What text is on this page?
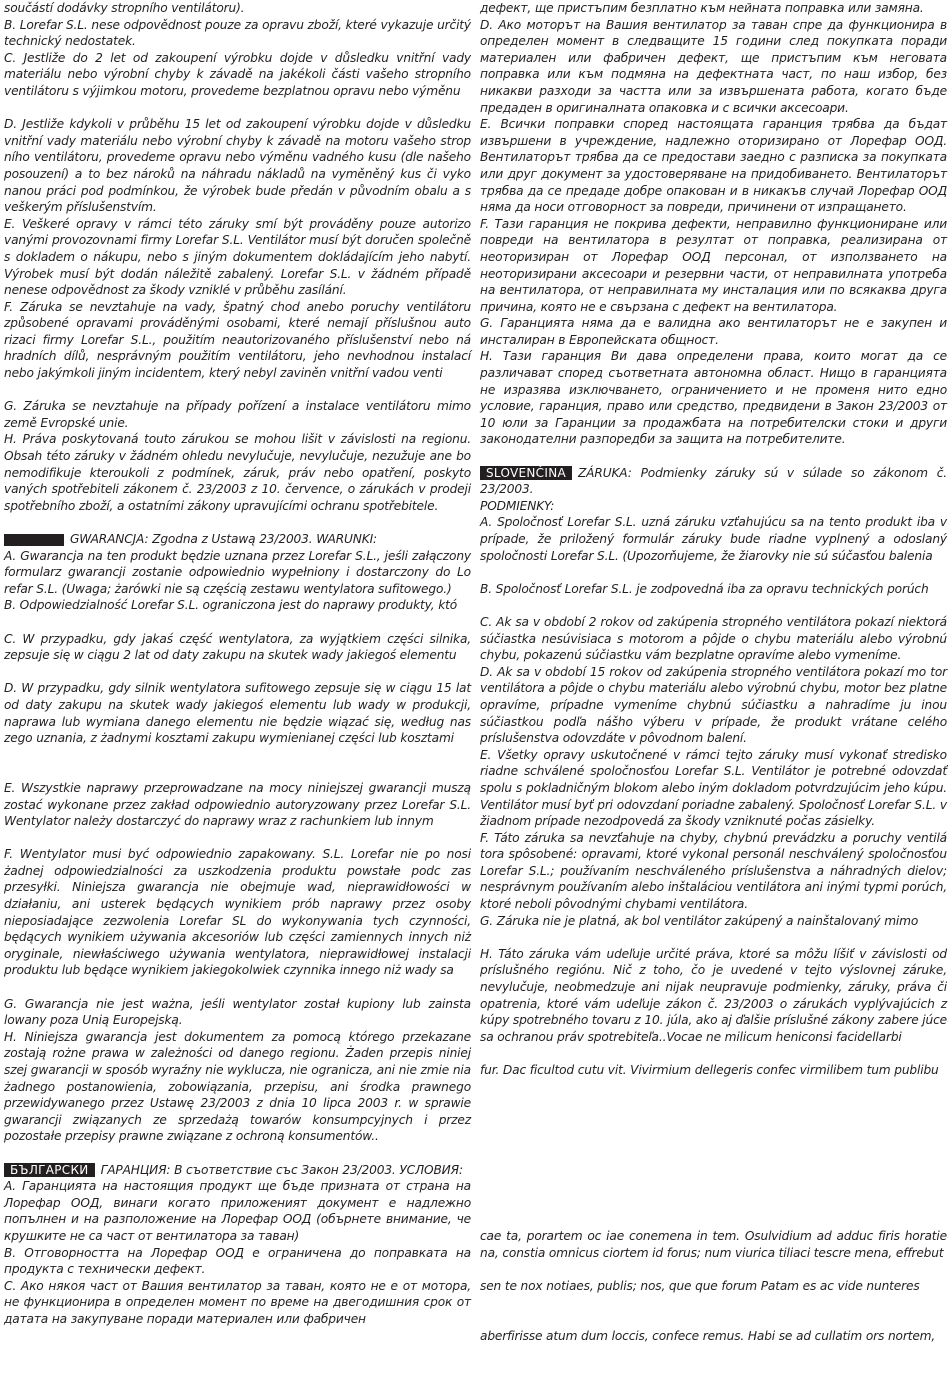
součástí dodávky stropního ventilátoru).

B. Lorefar S.L. nese odpovědnost pouze za opravu zboží, které vykazuje určitý technický nedostatek.

C. Jestliže do 2 let od zakoupení výrobku dojde v důsledku vnitřní vady materiálu nebo výrobní chyby k závadě na jakékoli části vašeho stropního ventilátoru s výjimkou motoru, provedeme bezplatnou opravu nebo výměnu

D. Jestliže kdykoli v průběhu 15 let od zakoupení výrobku dojde v důsledku vnitřní vady materiálu nebo výrobní chyby k závadě na motoru vašeho strop ního ventilátoru, provedeme opravu nebo výměnu vadného kusu (dle našeho posouzení) a to bez nároků na náhradu nákladů na vyměněný kus či vyko nanou práci pod podmínkou, že výrobek bude předán v původním obalu a s veškerým příslušenstvím.

E. Veškeré opravy v rámci této záruky smí být prováděny pouze autorizo vanými provozovnami firmy Lorefar S.L. Ventilátor musí být doručen společně s dokladem o nákupu, nebo s jiným dokumentem dokládajícím jeho nabytí. Výrobek musí být dodán náležitě zabalený. Lorefar S.L. v žádném případě nenese odpovědnost za škody vzniklé v průběhu zasílání.

F. Záruka se nevztahuje na vady, špatný chod anebo poruchy ventilátoru způsobené opravami prováděnými osobami, které nemají příslušnou auto rizaci firmy Lorefar S.L., použitím neautorizovaného příslušenství nebo ná hradních dílů, nesprávným použitím ventilátoru, jeho nevhodnou instalací nebo jakýmkoli jiným incidentem, který nebyl zaviněn vnitřní vadou venti

G. Záruka se nevztahuje na případy pořízení a instalace ventilátoru mimo země Evropské unie.

H. Práva poskytovaná touto zárukou se mohou lišit v závislosti na regionu. Obsah této záruky v žádném ohledu nevylučuje, nevylučuje, nezužuje ane bo nemodifikuje kteroukoli z podmínek, záruk, práv nebo opatření, poskyto vaných spotřebiteli zákonem č. 23/2003 z 10. července, o zárukách v prodeji spotřebního zboží, a ostatními zákony upravujícími ochranu spotřebitele.

GWARANCJA: Zgodna z Ustawą 23/2003. WARUNKI:

A. Gwarancja na ten produkt będzie uznana przez Lorefar S.L., jeśli załączony formularz gwarancji zostanie odpowiednio wypełniony i dostarczony do Lo refar S.L. (Uwaga; żarówki nie są częścią zestawu wentylatora sufitowego.)

B. Odpowiedzialność Lorefar S.L. ograniczona jest do naprawy produkty, któ

C. W przypadku, gdy jakaś część wentylatora, za wyjątkiem części silnika, zepsuje się w ciągu 2 lat od daty zakupu na skutek wady jakiegoś elementu

D. W przypadku, gdy silnik wentylatora sufitowego zepsuje się w ciągu 15 lat od daty zakupu na skutek wady jakiegoś elementu lub wady w produkcji, naprawa lub wymiana danego elementu nie będzie wiązać się, według nas zego uznania, z żadnymi kosztami zakupu wymienianej części lub kosztami

E. Wszystkie naprawy przeprowadzane na mocy niniejszej gwarancji muszą zostać wykonane przez zakład odpowiednio autoryzowany przez Lorefar S.L. Wentylator należy dostarczyć do naprawy wraz z rachunkiem lub innym

F. Wentylator musi być odpowiednio zapakowany. S.L. Lorefar nie po nosi żadnej odpowiedzialności za uszkodzenia produktu powstałe podc zas przesyłki. Niniejsza gwarancja nie obejmuje wad, nieprawidłowości w działaniu, ani usterek będących wynikiem prób naprawy przez osoby nieposiadające zezwolenia Lorefar SL do wykonywania tych czynności, będących wynikiem używania akcesoriów lub części zamiennych innych niż oryginale, niewłaściwego używania wentylatora, nieprawidłowej instalacji produktu lub będące wynikiem jakiegokolwiek czynnika innego niż wady sa

G. Gwarancja nie jest ważna, jeśli wentylator został kupiony lub zainsta lowany poza Unią Europejską.

H. Niniejsza gwarancja jest dokumentem za pomocą którego przekazane zostają rożne prawa w zależności od danego regionu. Żaden przepis niniej szej gwarancji w sposób wyraźny nie wyklucza, nie ogranicza, ani nie zmie nia żadnego postanowienia, zobowiązania, przepisu, ani środka prawnego przewidywanego przez Ustawę 23/2003 z dnia 10 lipca 2003 r. w sprawie gwarancji związanych ze sprzedażą towarów konsumpcyjnych i przez pozostałe przepisy prawne związane z ochroną konsumentów..

БЪЛГАРСКИ ГАРАНЦИЯ: В съответствие със Закон 23/2003. УСЛОВИЯ:

А. Гаранцията на настоящия продукт ще бъде призната от страна на Лорефар ООД, винаги когато приложеният документ е надлежно попълнен и на разположение на Лорефар ООД (обърнете внимание, че крушките не са част от вентилатора за таван)

В. Отговорността на Лорефар ООД е ограничена до поправката на продукта с технически дефект.

С. Ако някоя част от Вашия вентилатор за таван, която не е от мотора, не функционира в определен момент по време на двегодишния срок от датата на закупуване поради материален или фабричен

дефект, ще пристъпим безплатно към нейната поправка или замяна.

D. Ако моторът на Вашия вентилатор за таван спре да функционира в определен момент в следващите 15 години след покупката поради материален или фабричен дефект, ще пристъпим към неговата поправка или към подмяна на дефектната част, по наш избор, без никакви разходи за частта или за извършената работа, когато бъде предаден в оригиналната опаковка и с всички аксесоари.

Е. Всички поправки според настоящата гаранция трябва да бъдат извършени в учреждение, надлежно оторизирано от Лорефар ООД. Вентилаторът трябва да се предостави заедно с разписка за покупката или друг документ за удостоверяване на придобиването. Вентилаторът трябва да се предаде добре опакован и в никакъв случай Лорефар ООД няма да носи отговорност за повреди, причинени от изпращането.

F. Тази гаранция не покрива дефекти, неправилно функциониране или повреди на вентилатора в резултат от поправка, реализирана от неоторизиран от Лорефар ООД персонал, от използването на неоторизирани аксесоари и резервни части, от неправилната употреба на вентилатора, от неправилната му инсталация или по всякаква друга причина, която не е свързана с дефект на вентилатора.

G. Гаранцията няма да е валидна ако вентилаторът не е закупен и инсталиран в Европейската общност.

Н. Тази гаранция Ви дава определени права, които могат да се различават според съответната автономна област. Нищо в гаранцията не изразява изключването, ограничението и не променя нито едно условие, гаранция, право или средство, предвидени в Закон 23/2003 от 10 юли за Гаранции за продажбата на потребителски стоки и други законодателни разпоредби за защита на потребителите.

SLOVENČINA ZÁRUKA: Podmienky záruky sú v súlade so zákonom č. 23/2003.

PODMIENKY:

A. Spoločnosť Lorefar S.L. uzná záruku vzťahujúcu sa na tento produkt iba v prípade, že priložený formulár záruky bude riadne vyplnený a odoslaný spoločnosti Lorefar S.L. (Upozorňujeme, že žiarovky nie sú súčasťou balenia

B. Spoločnosť Lorefar S.L. je zodpovedná iba za opravu technických porúch

C. Ak sa v období 2 rokov od zakúpenia stropného ventilátora pokazí niektorá súčiastka nesúvisiaca s motorom a pôjde o chybu materiálu alebo výrobnú chybu, pokazenú súčiastku vám bezplatne opravíme alebo vymeníme.

D. Ak sa v období 15 rokov od zakúpenia stropného ventilátora pokazí mo tor ventilátora a pôjde o chybu materiálu alebo výrobnú chybu, motor bez platne opravíme, prípadne vymeníme chybnú súčiastku a nahradíme ju inou súčiastkou podľa nášho výberu v prípade, že produkt vrátane celého príslušenstva odovzdáte v pôvodnom balení.

E. Všetky opravy uskutočnené v rámci tejto záruky musí vykonať stredisko riadne schválené spoločnosťou Lorefar S.L. Ventilátor je potrebné odovzdať spolu s pokladničným blokom alebo iným dokladom potvrdzujúcim jeho kúpu. Ventilátor musí byť pri odovzdaní poriadne zabalený. Spoločnosť Lorefar S.L. v žiadnom prípade nezodpovedá za škody vzniknuté počas zásielky.

F. Táto záruka sa nevzťahuje na chyby, chybnú prevádzku a poruchy ventilá tora spôsobené: opravami, ktoré vykonal personál neschválený spoločnosťou Lorefar S.L.; používaním neschváleného príslušenstva a náhradných dielov; nesprávnym používaním alebo inštaláciou ventilátora ani inými typmi porúch, ktoré neboli pôvodnými chybami ventilátora.

G. Záruka nie je platná, ak bol ventilátor zakúpený a nainštalovaný mimo

H. Táto záruka vám udeľuje určité práva, ktoré sa môžu líšiť v závislosti od príslušného regiónu. Nič z toho, čo je uvedené v tejto výslovnej záruke, nevylučuje, neobmedzuje ani nijak neupravuje podmienky, záruky, práva či opatrenia, ktoré vám udeľuje zákon č. 23/2003 o zárukách vyplývajúcich z kúpy spotrebného tovaru z 10. júla, ako aj ďalšie príslušné zákony zabere júce sa ochranou práv spotrebiteľa..Vocae ne milicum heniconsi facidellarbi

fur. Dac ficultod cutu vit. Vivirmium dellegeris confec virmilibem tum publibu

cae ta, porartem oc iae conemena in tem. Osulvidium ad adduc firis horatie na, constia omnicus ciortem id forus; num viurica tiliaci tescre mena, effrebut

sen te nox notiaes, publis; nos, que que forum Patam es ac vide nunteres

aberfirisse atum dum loccis, confece remus. Habi se ad cullatim ors nortem,
